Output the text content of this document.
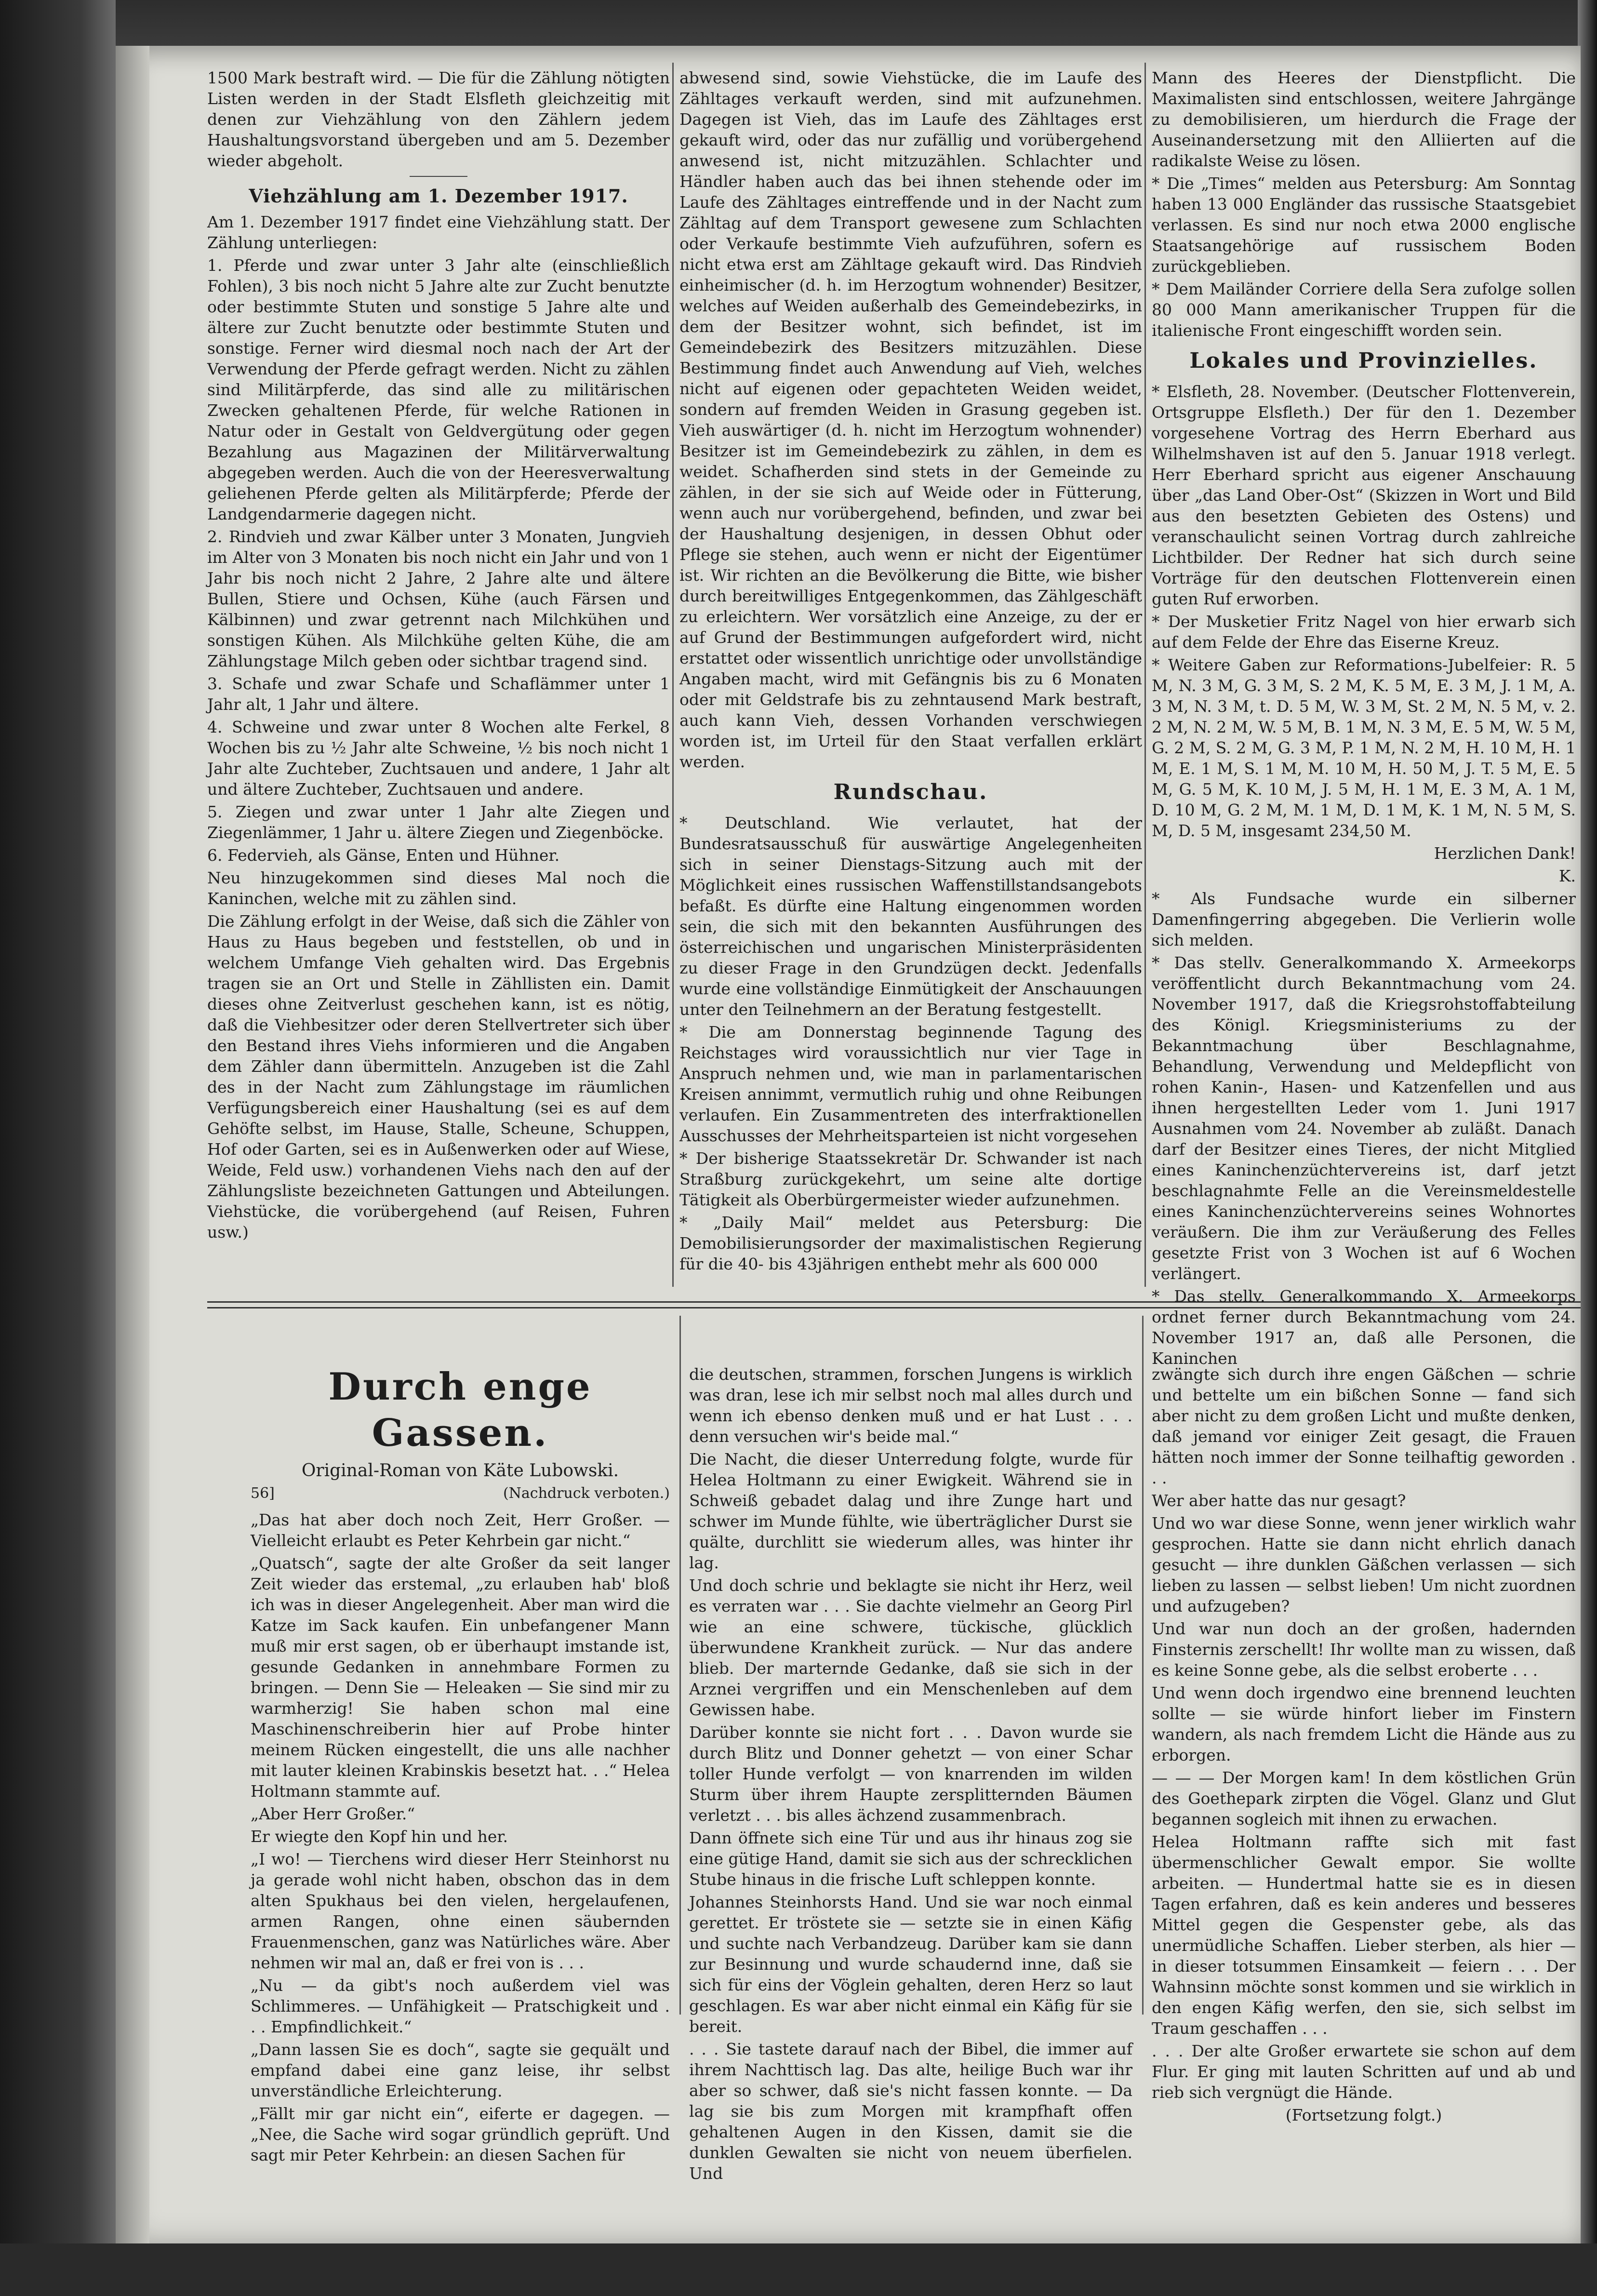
1500 Mark bestraft wird. — Die für die Zählung nötigten Listen werden in der Stadt Elsfleth gleichzeitig mit denen zur Viehzählung von den Zählern jedem Haushaltungsvorstand übergeben und am 5. Dezember wieder abgeholt.

Viehzählung am 1. Dezember 1917.

Am 1. Dezember 1917 findet eine Viehzählung statt. Der Zählung unterliegen:

1. Pferde und zwar unter 3 Jahr alte (einschließlich Fohlen), 3 bis noch nicht 5 Jahre alte zur Zucht benutzte oder bestimmte Stuten und sonstige 5 Jahre alte und ältere zur Zucht benutzte oder bestimmte Stuten und sonstige. Ferner wird diesmal noch nach der Art der Verwendung der Pferde gefragt werden. Nicht zu zählen sind Militärpferde, das sind alle zu militärischen Zwecken gehaltenen Pferde, für welche Rationen in Natur oder in Gestalt von Geldvergütung oder gegen Bezahlung aus Magazinen der Militärverwaltung abgegeben werden. Auch die von der Heeresverwaltung geliehenen Pferde gelten als Militärpferde; Pferde der Landgendarmerie dagegen nicht.

2. Rindvieh und zwar Kälber unter 3 Monaten, Jungvieh im Alter von 3 Monaten bis noch nicht ein Jahr und von 1 Jahr bis noch nicht 2 Jahre, 2 Jahre alte und ältere Bullen, Stiere und Ochsen, Kühe (auch Färsen und Kälbinnen) und zwar getrennt nach Milchkühen und sonstigen Kühen. Als Milchkühe gelten Kühe, die am Zählungstage Milch geben oder sichtbar tragend sind.

3. Schafe und zwar Schafe und Schaflämmer unter 1 Jahr alt, 1 Jahr und ältere.

4. Schweine und zwar unter 8 Wochen alte Ferkel, 8 Wochen bis zu ½ Jahr alte Schweine, ½ bis noch nicht 1 Jahr alte Zuchteber, Zuchtsauen und andere, 1 Jahr alt und ältere Zuchteber, Zuchtsauen und andere.

5. Ziegen und zwar unter 1 Jahr alte Ziegen und Ziegenlämmer, 1 Jahr u. ältere Ziegen und Ziegenböcke.

6. Federvieh, als Gänse, Enten und Hühner.

Neu hinzugekommen sind dieses Mal noch die Kaninchen, welche mit zu zählen sind.

Die Zählung erfolgt in der Weise, daß sich die Zähler von Haus zu Haus begeben und feststellen, ob und in welchem Umfange Vieh gehalten wird. Das Ergebnis tragen sie an Ort und Stelle in Zähllisten ein. Damit dieses ohne Zeitverlust geschehen kann, ist es nötig, daß die Viehbesitzer oder deren Stellvertreter sich über den Bestand ihres Viehs informieren und die Angaben dem Zähler dann übermitteln. Anzugeben ist die Zahl des in der Nacht zum Zählungstage im räumlichen Verfügungsbereich einer Haushaltung (sei es auf dem Gehöfte selbst, im Hause, Stalle, Scheune, Schuppen, Hof oder Garten, sei es in Außenwerken oder auf Wiese, Weide, Feld usw.) vorhandenen Viehs nach den auf der Zählungsliste bezeichneten Gattungen und Abteilungen. Viehstücke, die vorübergehend (auf Reisen, Fuhren usw.)

abwesend sind, sowie Viehstücke, die im Laufe des Zähltages verkauft werden, sind mit aufzunehmen. Dagegen ist Vieh, das im Laufe des Zähltages erst gekauft wird, oder das nur zufällig und vorübergehend anwesend ist, nicht mitzuzählen. Schlachter und Händler haben auch das bei ihnen stehende oder im Laufe des Zähltages eintreffende und in der Nacht zum Zähltag auf dem Transport gewesene zum Schlachten oder Verkaufe bestimmte Vieh aufzuführen, sofern es nicht etwa erst am Zähltage gekauft wird. Das Rindvieh einheimischer (d. h. im Herzogtum wohnender) Besitzer, welches auf Weiden außerhalb des Gemeindebezirks, in dem der Besitzer wohnt, sich befindet, ist im Gemeindebezirk des Besitzers mitzuzählen. Diese Bestimmung findet auch Anwendung auf Vieh, welches nicht auf eigenen oder gepachteten Weiden weidet, sondern auf fremden Weiden in Grasung gegeben ist. Vieh auswärtiger (d. h. nicht im Herzogtum wohnender) Besitzer ist im Gemeindebezirk zu zählen, in dem es weidet. Schafherden sind stets in der Gemeinde zu zählen, in der sie sich auf Weide oder in Fütterung, wenn auch nur vorübergehend, befinden, und zwar bei der Haushaltung desjenigen, in dessen Obhut oder Pflege sie stehen, auch wenn er nicht der Eigentümer ist. Wir richten an die Bevölkerung die Bitte, wie bisher durch bereitwilliges Entgegenkommen, das Zählgeschäft zu erleichtern. Wer vorsätzlich eine Anzeige, zu der er auf Grund der Bestimmungen aufgefordert wird, nicht erstattet oder wissentlich unrichtige oder unvollständige Angaben macht, wird mit Gefängnis bis zu 6 Monaten oder mit Geldstrafe bis zu zehntausend Mark bestraft, auch kann Vieh, dessen Vorhanden verschwiegen worden ist, im Urteil für den Staat verfallen erklärt werden.

Rundschau.

* Deutschland. Wie verlautet, hat der Bundesratsausschuß für auswärtige Angelegenheiten sich in seiner Dienstags-Sitzung auch mit der Möglichkeit eines russischen Waffenstillstandsangebots befaßt. Es dürfte eine Haltung eingenommen worden sein, die sich mit den bekannten Ausführungen des österreichischen und ungarischen Ministerpräsidenten zu dieser Frage in den Grundzügen deckt. Jedenfalls wurde eine vollständige Einmütigkeit der Anschauungen unter den Teilnehmern an der Beratung festgestellt.

* Die am Donnerstag beginnende Tagung des Reichstages wird voraussichtlich nur vier Tage in Anspruch nehmen und, wie man in parlamentarischen Kreisen annimmt, vermutlich ruhig und ohne Reibungen verlaufen. Ein Zusammentreten des interfraktionellen Ausschusses der Mehrheitsparteien ist nicht vorgesehen

* Der bisherige Staatssekretär Dr. Schwander ist nach Straßburg zurückgekehrt, um seine alte dortige Tätigkeit als Oberbürgermeister wieder aufzunehmen.

* „Daily Mail“ meldet aus Petersburg: Die Demobilisierungsorder der maximalistischen Regierung für die 40- bis 43jährigen enthebt mehr als 600 000

Mann des Heeres der Dienstpflicht. Die Maximalisten sind entschlossen, weitere Jahrgänge zu demobilisieren, um hierdurch die Frage der Auseinandersetzung mit den Alliierten auf die radikalste Weise zu lösen.

* Die „Times“ melden aus Petersburg: Am Sonntag haben 13 000 Engländer das russische Staatsgebiet verlassen. Es sind nur noch etwa 2000 englische Staatsangehörige auf russischem Boden zurückgeblieben.

* Dem Mailänder Corriere della Sera zufolge sollen 80 000 Mann amerikanischer Truppen für die italienische Front eingeschifft worden sein.

Lokales und Provinzielles.

* Elsfleth, 28. November. (Deutscher Flottenverein, Ortsgruppe Elsfleth.) Der für den 1. Dezember vorgesehene Vortrag des Herrn Eberhard aus Wilhelmshaven ist auf den 5. Januar 1918 verlegt. Herr Eberhard spricht aus eigener Anschauung über „das Land Ober-Ost“ (Skizzen in Wort und Bild aus den besetzten Gebieten des Ostens) und veranschaulicht seinen Vortrag durch zahlreiche Lichtbilder. Der Redner hat sich durch seine Vorträge für den deutschen Flottenverein einen guten Ruf erworben.

* Der Musketier Fritz Nagel von hier erwarb sich auf dem Felde der Ehre das Eiserne Kreuz.

* Weitere Gaben zur Reformations-Jubelfeier: R. 5 M, N. 3 M, G. 3 M, S. 2 M, K. 5 M, E. 3 M, J. 1 M, A. 3 M, N. 3 M, t. D. 5 M, W. 3 M, St. 2 M, N. 5 M, v. 2. 2 M, N. 2 M, W. 5 M, B. 1 M, N. 3 M, E. 5 M, W. 5 M, G. 2 M, S. 2 M, G. 3 M, P. 1 M, N. 2 M, H. 10 M, H. 1 M, E. 1 M, S. 1 M, M. 10 M, H. 50 M, J. T. 5 M, E. 5 M, G. 5 M, K. 10 M, J. 5 M, H. 1 M, E. 3 M, A. 1 M, D. 10 M, G. 2 M, M. 1 M, D. 1 M, K. 1 M, N. 5 M, S. M, D. 5 M, insgesamt 234,50 M.

Herzlichen Dank!

K.

* Als Fundsache wurde ein silberner Damenfingerring abgegeben. Die Verlierin wolle sich melden.

* Das stellv. Generalkommando X. Armeekorps veröffentlicht durch Bekanntmachung vom 24. November 1917, daß die Kriegsrohstoffabteilung des Königl. Kriegsministeriums zu der Bekanntmachung über Beschlagnahme, Behandlung, Verwendung und Meldepflicht von rohen Kanin-, Hasen- und Katzenfellen und aus ihnen hergestellten Leder vom 1. Juni 1917 Ausnahmen vom 24. November ab zuläßt. Danach darf der Besitzer eines Tieres, der nicht Mitglied eines Kaninchenzüchtervereins ist, darf jetzt beschlagnahmte Felle an die Vereinsmeldestelle eines Kaninchenzüchtervereins seines Wohnortes veräußern. Die ihm zur Veräußerung des Felles gesetzte Frist von 3 Wochen ist auf 6 Wochen verlängert.

* Das stellv. Generalkommando X. Armeekorps ordnet ferner durch Bekanntmachung vom 24. November 1917 an, daß alle Personen, die Kaninchen

Durch enge Gassen.
Original-Roman von Käte Lubowski.
56]	(Nachdruck verboten.)

„Das hat aber doch noch Zeit, Herr Großer. — Vielleicht erlaubt es Peter Kehrbein gar nicht.“

„Quatsch“, sagte der alte Großer da seit langer Zeit wieder das erstemal, „zu erlauben hab' bloß ich was in dieser Angelegenheit. Aber man wird die Katze im Sack kaufen. Ein unbefangener Mann muß mir erst sagen, ob er überhaupt imstande ist, gesunde Gedanken in annehmbare Formen zu bringen. — Denn Sie — Heleaken — Sie sind mir zu warmherzig! Sie haben schon mal eine Maschinenschreiberin hier auf Probe hinter meinem Rücken eingestellt, die uns alle nachher mit lauter kleinen Krabinskis besetzt hat. . .“ Helea Holtmann stammte auf.

„Aber Herr Großer.“

Er wiegte den Kopf hin und her.

„I wo! — Tierchens wird dieser Herr Steinhorst nu ja gerade wohl nicht haben, obschon das in dem alten Spukhaus bei den vielen, hergelaufenen, armen Rangen, ohne einen säubernden Frauenmenschen, ganz was Natürliches wäre. Aber nehmen wir mal an, daß er frei von is . . .

„Nu — da gibt's noch außerdem viel was Schlimmeres. — Unfähigkeit — Pratschigkeit und . . . Empfindlichkeit.“

„Dann lassen Sie es doch“, sagte sie gequält und empfand dabei eine ganz leise, ihr selbst unverständliche Erleichterung.

„Fällt mir gar nicht ein“, eiferte er dagegen. — „Nee, die Sache wird sogar gründlich geprüft. Und sagt mir Peter Kehrbein: an diesen Sachen für

die deutschen, strammen, forschen Jungens is wirklich was dran, lese ich mir selbst noch mal alles durch und wenn ich ebenso denken muß und er hat Lust . . . denn versuchen wir's beide mal.“

Die Nacht, die dieser Unterredung folgte, wurde für Helea Holtmann zu einer Ewigkeit. Während sie in Schweiß gebadet dalag und ihre Zunge hart und schwer im Munde fühlte, wie überträglicher Durst sie quälte, durchlitt sie wiederum alles, was hinter ihr lag.

Und doch schrie und beklagte sie nicht ihr Herz, weil es verraten war . . . Sie dachte vielmehr an Georg Pirl wie an eine schwere, tückische, glücklich überwundene Krankheit zurück. — Nur das andere blieb. Der marternde Gedanke, daß sie sich in der Arznei vergriffen und ein Menschenleben auf dem Gewissen habe.

Darüber konnte sie nicht fort . . . Davon wurde sie durch Blitz und Donner gehetzt — von einer Schar toller Hunde verfolgt — von knarrenden im wilden Sturm über ihrem Haupte zersplitternden Bäumen verletzt . . . bis alles ächzend zusammenbrach.

Dann öffnete sich eine Tür und aus ihr hinaus zog sie eine gütige Hand, damit sie sich aus der schrecklichen Stube hinaus in die frische Luft schleppen konnte.

Johannes Steinhorsts Hand. Und sie war noch einmal gerettet. Er tröstete sie — setzte sie in einen Käfig und suchte nach Verbandzeug. Darüber kam sie dann zur Besinnung und wurde schaudernd inne, daß sie sich für eins der Vöglein gehalten, deren Herz so laut geschlagen. Es war aber nicht einmal ein Käfig für sie bereit.

. . . Sie tastete darauf nach der Bibel, die immer auf ihrem Nachttisch lag. Das alte, heilige Buch war ihr aber so schwer, daß sie's nicht fassen konnte. — Da lag sie bis zum Morgen mit krampfhaft offen gehaltenen Augen in den Kissen, damit sie die dunklen Gewalten sie nicht von neuem überfielen. Und

zwängte sich durch ihre engen Gäßchen — schrie und bettelte um ein bißchen Sonne — fand sich aber nicht zu dem großen Licht und mußte denken, daß jemand vor einiger Zeit gesagt, die Frauen hätten noch immer der Sonne teilhaftig geworden . . .

Wer aber hatte das nur gesagt?

Und wo war diese Sonne, wenn jener wirklich wahr gesprochen. Hatte sie dann nicht ehrlich danach gesucht — ihre dunklen Gäßchen verlassen — sich lieben zu lassen — selbst lieben! Um nicht zuordnen und aufzugeben?

Und war nun doch an der großen, hadernden Finsternis zerschellt! Ihr wollte man zu wissen, daß es keine Sonne gebe, als die selbst eroberte . . .

Und wenn doch irgendwo eine brennend leuchten sollte — sie würde hinfort lieber im Finstern wandern, als nach fremdem Licht die Hände aus zu erborgen.

— — — Der Morgen kam! In dem köstlichen Grün des Goethepark zirpten die Vögel. Glanz und Glut begannen sogleich mit ihnen zu erwachen.

Helea Holtmann raffte sich mit fast übermenschlicher Gewalt empor. Sie wollte arbeiten. — Hundertmal hatte sie es in diesen Tagen erfahren, daß es kein anderes und besseres Mittel gegen die Gespenster gebe, als das unermüdliche Schaffen. Lieber sterben, als hier — in dieser totsummen Einsamkeit — feiern . . . Der Wahnsinn möchte sonst kommen und sie wirklich in den engen Käfig werfen, den sie, sich selbst im Traum geschaffen . . .

. . . Der alte Großer erwartete sie schon auf dem Flur. Er ging mit lauten Schritten auf und ab und rieb sich vergnügt die Hände.

(Fortsetzung folgt.)
